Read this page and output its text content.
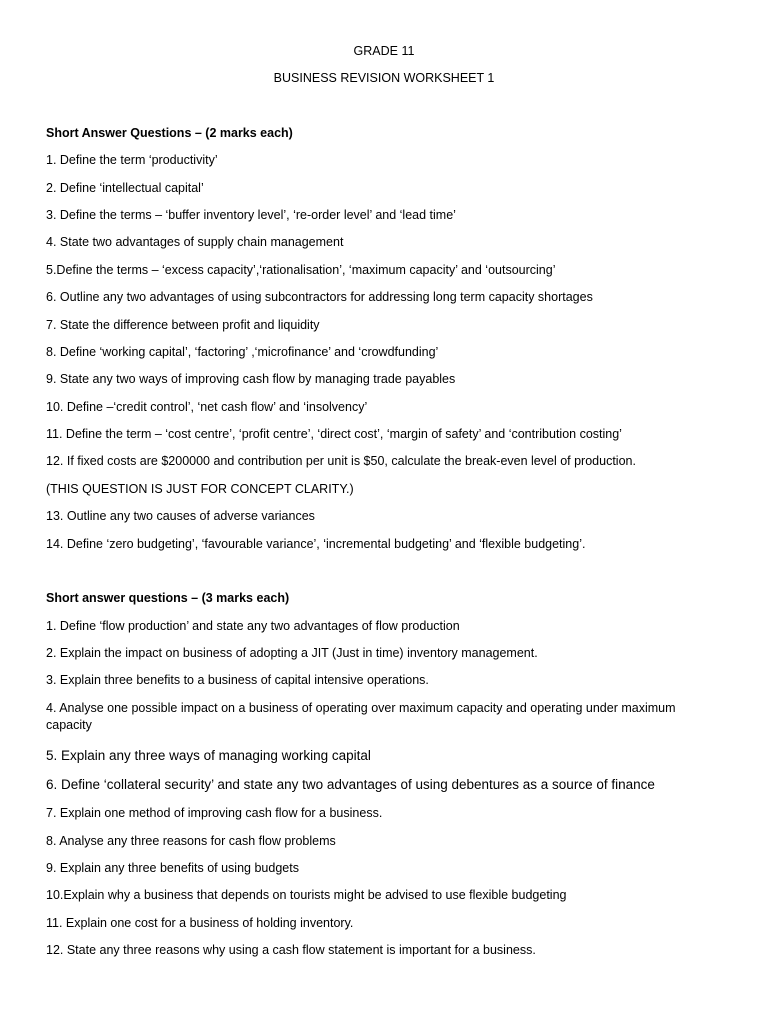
GRADE 11
BUSINESS REVISION WORKSHEET 1
Short Answer Questions – (2 marks each)
1. Define the term ‘productivity’
2. Define ‘intellectual capital’
3. Define the terms – ‘buffer inventory level’, ‘re-order level’ and ‘lead time’
4. State two advantages of supply chain management
5.Define the terms – ‘excess capacity’,‘rationalisation’, ‘maximum capacity’ and ‘outsourcing’
6. Outline any two advantages of using subcontractors for addressing long term capacity shortages
7. State the difference between profit and liquidity
8. Define ‘working capital’, ‘factoring’ ,‘microfinance’ and ‘crowdfunding’
9. State any two ways of improving cash flow by managing trade payables
10. Define –‘credit control’, ‘net cash flow’ and ‘insolvency’
11. Define the term – ‘cost centre’, ‘profit centre’, ‘direct cost’, ‘margin of safety’ and ‘contribution costing’
12. If fixed costs are $200000 and contribution per unit is $50, calculate the break-even level of production.
(THIS QUESTION IS JUST FOR CONCEPT CLARITY.)
13. Outline any two causes of adverse variances
14. Define ‘zero budgeting’, ‘favourable variance’, ‘incremental budgeting’ and ‘flexible budgeting’.
Short answer questions – (3 marks each)
1. Define ‘flow production’ and state any two advantages of flow production
2. Explain the impact on business of adopting a JIT (Just in time) inventory management.
3. Explain three benefits to a business of capital intensive operations.
4. Analyse one possible impact on a business of operating over maximum capacity and operating under maximum capacity
5. Explain any three ways of managing working capital
6. Define ‘collateral security’ and state any two advantages of using debentures as a source of finance
7. Explain one method of improving cash flow for a business.
8. Analyse any three reasons for cash flow problems
9. Explain any three benefits of using budgets
10.Explain why a business that depends on tourists might be advised to use flexible budgeting
11. Explain one cost for a business of holding inventory.
12. State any three reasons why using a cash flow statement is important for a business.
